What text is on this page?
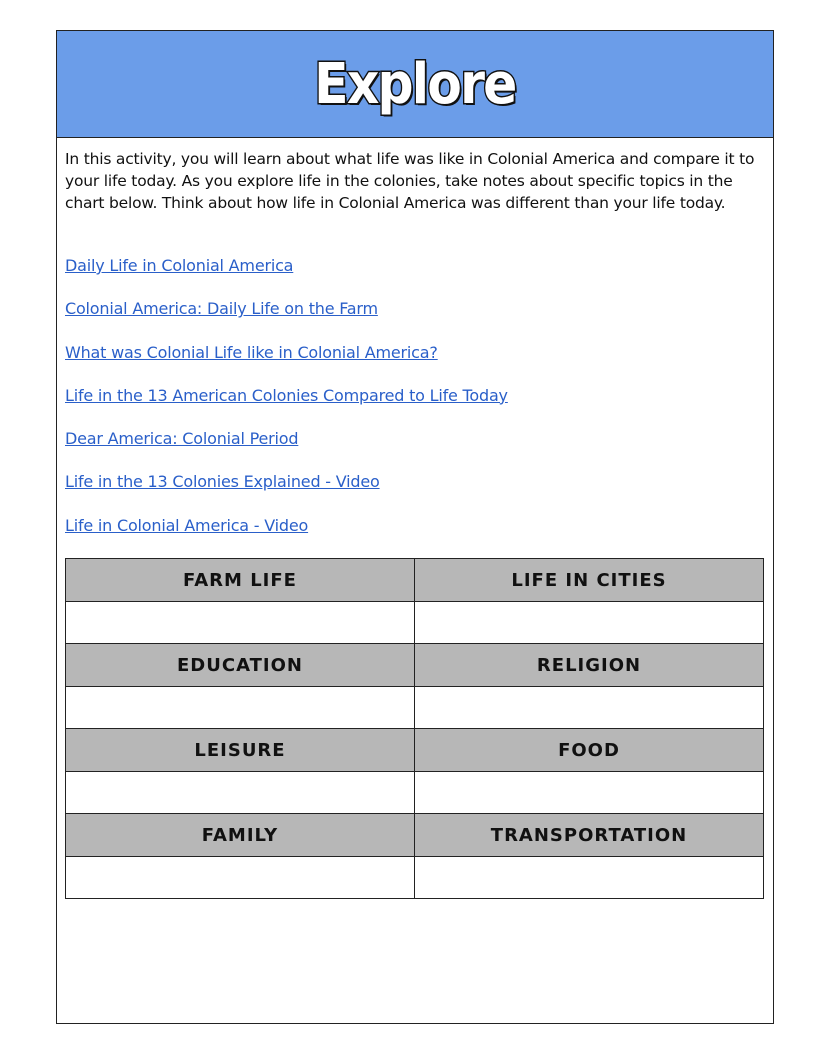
Explore
In this activity, you will learn about what life was like in Colonial America and compare it to your life today. As you explore life in the colonies, take notes about specific topics in the chart below. Think about how life in Colonial America was different than your life today.
Daily Life in Colonial America
Colonial America: Daily Life on the Farm
What was Colonial Life like in Colonial America?
Life in the 13 American Colonies Compared to Life Today
Dear America: Colonial Period
Life in the 13 Colonies Explained - Video
Life in Colonial America - Video
FARM LIFE	LIFE IN CITIES

EDUCATION	RELIGION

LEISURE	FOOD

FAMILY	TRANSPORTATION
